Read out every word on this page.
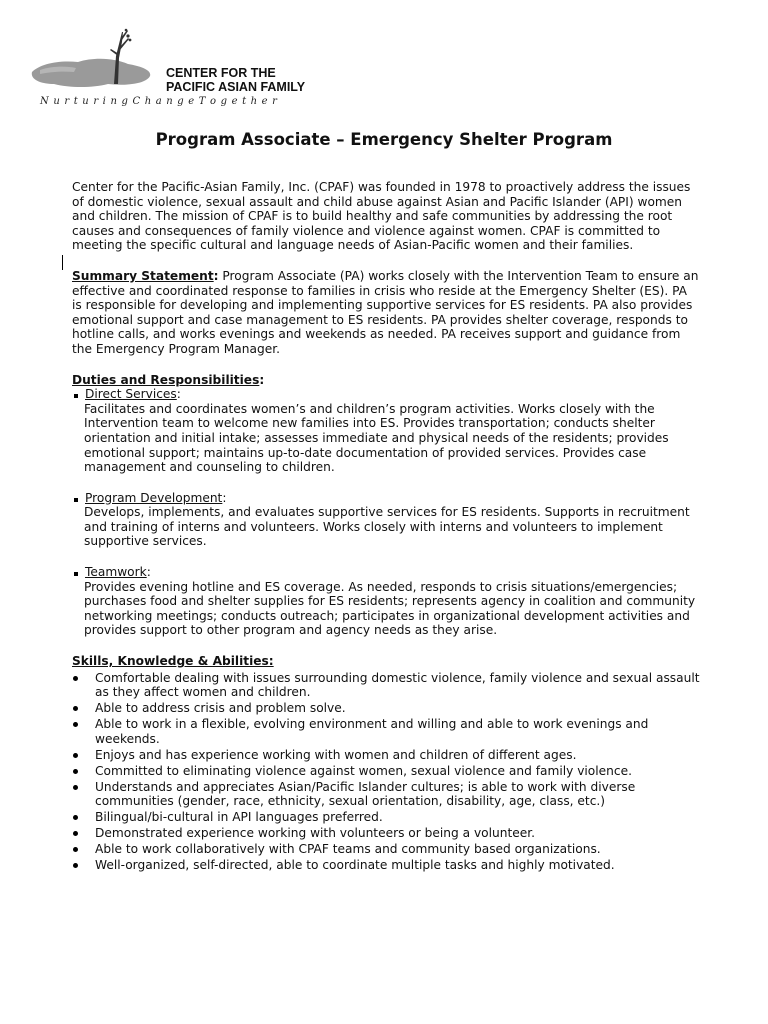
CENTER FOR THE
PACIFIC ASIAN FAMILY
N u r t u r i n g C h a n g e T o g e t h e r
Program Associate – Emergency Shelter Program

Center for the Pacific-Asian Family, Inc. (CPAF) was founded in 1978 to proactively address the issues of domestic violence, sexual assault and child abuse against Asian and Pacific Islander (API) women and children. The mission of CPAF is to build healthy and safe communities by addressing the root causes and consequences of family violence and violence against women. CPAF is committed to meeting the specific cultural and language needs of Asian-Pacific women and their families.

Summary Statement: Program Associate (PA) works closely with the Intervention Team to ensure an effective and coordinated response to families in crisis who reside at the Emergency Shelter (ES). PA is responsible for developing and implementing supportive services for ES residents. PA also provides emotional support and case management to ES residents. PA provides shelter coverage, responds to hotline calls, and works evenings and weekends as needed. PA receives support and guidance from the Emergency Program Manager.

Duties and Responsibilities:

Direct Services :
Facilitates and coordinates women’s and children’s program activities. Works closely with the Intervention team to welcome new families into ES. Provides transportation; conducts shelter orientation and initial intake; assesses immediate and physical needs of the residents; provides emotional support; maintains up-to-date documentation of provided services. Provides case management and counseling to children.
Program Development :
Develops, implements, and evaluates supportive services for ES residents. Supports in recruitment and training of interns and volunteers. Works closely with interns and volunteers to implement supportive services.
Teamwork :
Provides evening hotline and ES coverage. As needed, responds to crisis situations/emergencies; purchases food and shelter supplies for ES residents; represents agency in coalition and community networking meetings; conducts outreach; participates in organizational development activities and provides support to other program and agency needs as they arise.

Skills, Knowledge & Abilities:

Comfortable dealing with issues surrounding domestic violence, family violence and sexual assault as they affect women and children.
Able to address crisis and problem solve.
Able to work in a flexible, evolving environment and willing and able to work evenings and weekends.
Enjoys and has experience working with women and children of different ages.
Committed to eliminating violence against women, sexual violence and family violence.
Understands and appreciates Asian/Pacific Islander cultures; is able to work with diverse communities (gender, race, ethnicity, sexual orientation, disability, age, class, etc.)
Bilingual/bi-cultural in API languages preferred.
Demonstrated experience working with volunteers or being a volunteer.
Able to work collaboratively with CPAF teams and community based organizations.
Well-organized, self-directed, able to coordinate multiple tasks and highly motivated.
